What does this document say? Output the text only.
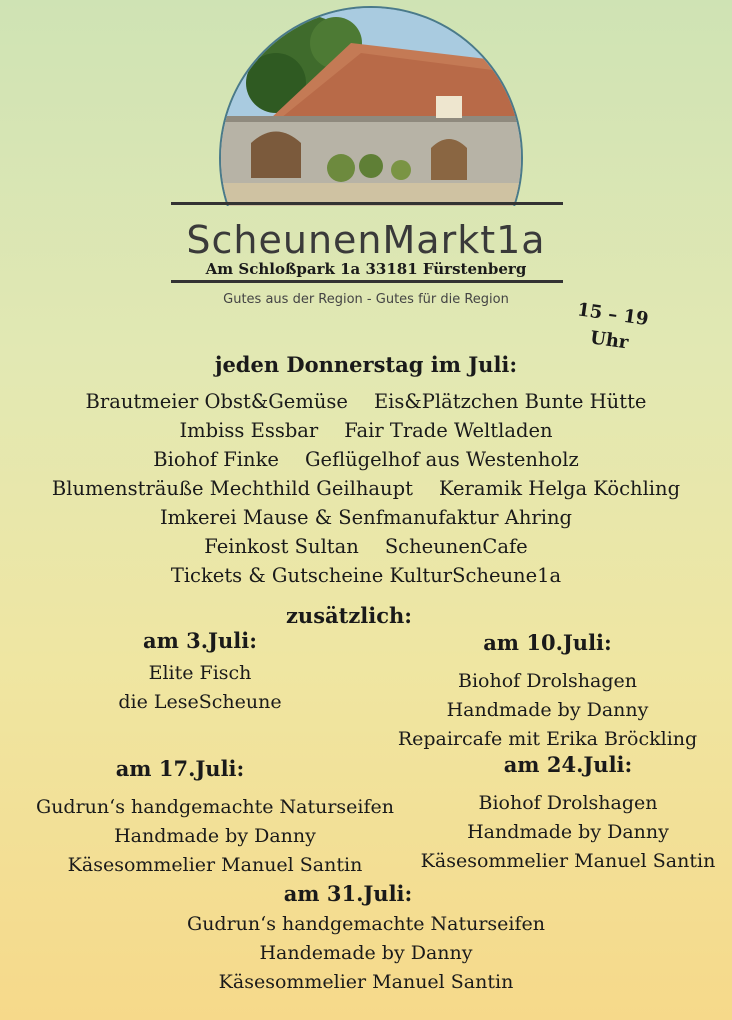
ScheunenMarkt1a
Am Schloßpark 1a 33181 Fürstenberg
Gutes aus der Region - Gutes für die Region	15 – 19
Uhr
jeden Donnerstag im Juli:
Brautmeier Obst&Gemüse Eis&Plätzchen Bunte Hütte
Imbiss Essbar Fair Trade Weltladen
Biohof Finke Geflügelhof aus Westenholz
Blumensträuße Mechthild Geilhaupt Keramik Helga Köchling
Imkerei Mause & Senfmanufaktur Ahring
Feinkost Sultan ScheunenCafe
Tickets & Gutscheine KulturScheune1a
zusätzlich:
am 3.Juli:
Elite Fisch
die LeseScheune
am 10.Juli:
Biohof Drolshagen
Handmade by Danny
Repaircafe mit Erika Bröckling
am 17.Juli:
Gudrun‘s handgemachte Naturseifen
Handmade by Danny
Käsesommelier Manuel Santin
am 24.Juli:
Biohof Drolshagen
Handmade by Danny
Käsesommelier Manuel Santin
am 31.Juli:
Gudrun‘s handgemachte Naturseifen
Handemade by Danny
Käsesommelier Manuel Santin
